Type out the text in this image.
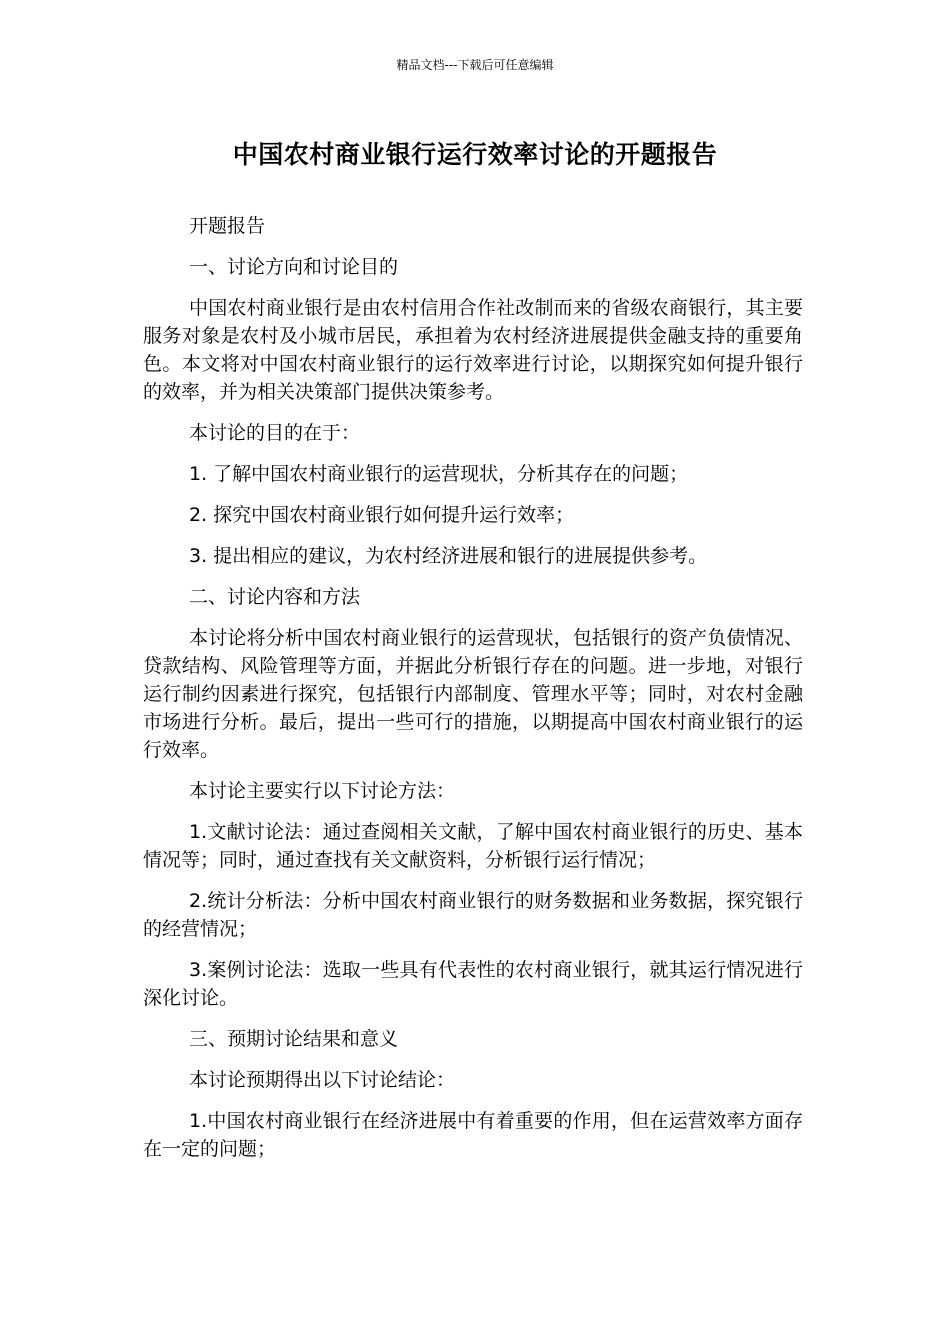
精品文档---下载后可任意编辑
中国农村商业银行运行效率讨论的开题报告

开题报告

一、讨论方向和讨论目的

中国农村商业银行是由农村信用合作社改制而来的省级农商银行，其主要服务对象是农村及小城市居民，承担着为农村经济进展提供金融支持的重要角色。本文将对中国农村商业银行的运行效率进行讨论，以期探究如何提升银行的效率，并为相关决策部门提供决策参考。

本讨论的目的在于：

1. 了解中国农村商业银行的运营现状，分析其存在的问题；

2. 探究中国农村商业银行如何提升运行效率；

3. 提出相应的建议，为农村经济进展和银行的进展提供参考。

二、讨论内容和方法

本讨论将分析中国农村商业银行的运营现状，包括银行的资产负债情况、贷款结构、风险管理等方面，并据此分析银行存在的问题。进一步地，对银行运行制约因素进行探究，包括银行内部制度、管理水平等；同时，对农村金融市场进行分析。最后，提出一些可行的措施，以期提高中国农村商业银行的运行效率。

本讨论主要实行以下讨论方法：

1.文献讨论法：通过查阅相关文献，了解中国农村商业银行的历史、基本情况等；同时，通过查找有关文献资料，分析银行运行情况；

2.统计分析法：分析中国农村商业银行的财务数据和业务数据，探究银行的经营情况；

3.案例讨论法：选取一些具有代表性的农村商业银行，就其运行情况进行深化讨论。

三、预期讨论结果和意义

本讨论预期得出以下讨论结论：

1.中国农村商业银行在经济进展中有着重要的作用，但在运营效率方面存在一定的问题；
